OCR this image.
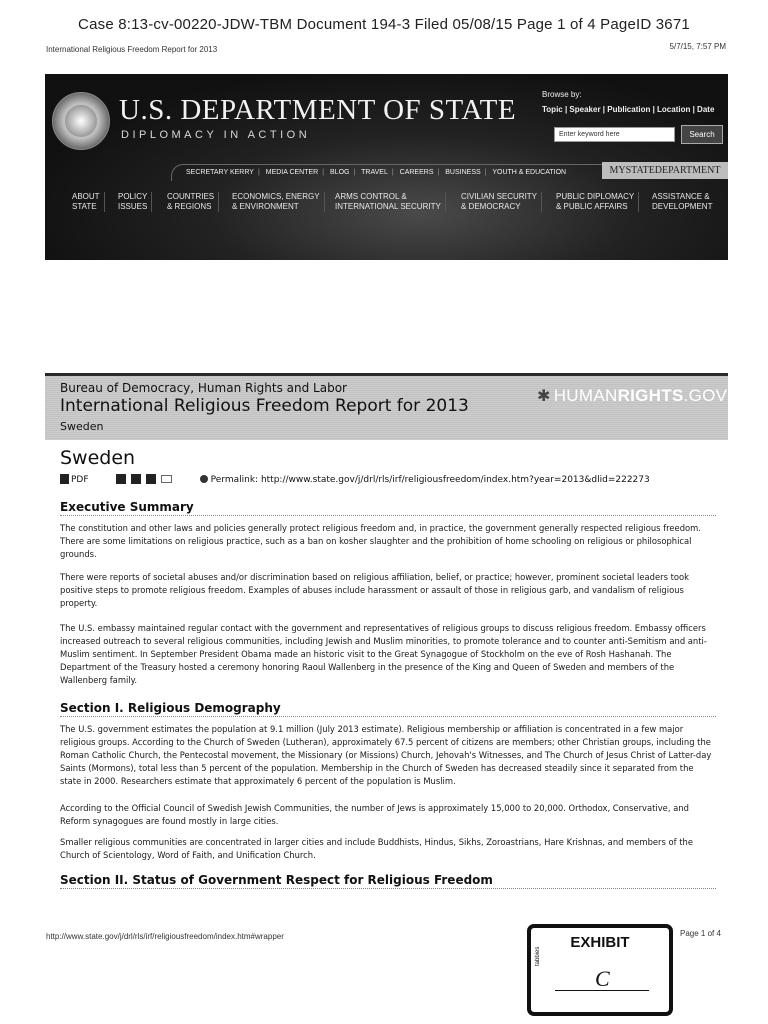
Case 8:13-cv-00220-JDW-TBM Document 194-3 Filed 05/08/15 Page 1 of 4 PageID 3671
International Religious Freedom Report for 2013	5/7/15, 7:57 PM
U.S. DEPARTMENT OF STATE
DIPLOMACY IN ACTION
Browse by:
Topic | Speaker | Publication | Location | Date
Enter keyword here	Search
SECRETARY KERRY | MEDIA CENTER | BLOG | TRAVEL | CAREERS | BUSINESS | YOUTH & EDUCATION	MYSTATEDEPARTMENT
ABOUT
STATE
POLICY
ISSUES
COUNTRIES
& REGIONS
ECONOMICS, ENERGY
& ENVIRONMENT
ARMS CONTROL &
INTERNATIONAL SECURITY
CIVILIAN SECURITY
& DEMOCRACY
PUBLIC DIPLOMACY
& PUBLIC AFFAIRS
ASSISTANCE &
DEVELOPMENT
Bureau of Democracy, Human Rights and Labor
International Religious Freedom Report for 2013
Sweden
✱ HUMANRIGHTS.GOV
Sweden
PDF	Permalink: http://www.state.gov/j/drl/rls/irf/religiousfreedom/index.htm?year=2013&dlid=222273
Executive Summary
The constitution and other laws and policies generally protect religious freedom and, in practice, the government generally respected religious freedom. There are some limitations on religious practice, such as a ban on kosher slaughter and the prohibition of home schooling on religious or philosophical grounds.
There were reports of societal abuses and/or discrimination based on religious affiliation, belief, or practice; however, prominent societal leaders took positive steps to promote religious freedom. Examples of abuses include harassment or assault of those in religious garb, and vandalism of religious property.
The U.S. embassy maintained regular contact with the government and representatives of religious groups to discuss religious freedom. Embassy officers increased outreach to several religious communities, including Jewish and Muslim minorities, to promote tolerance and to counter anti-Semitism and anti-Muslim sentiment. In September President Obama made an historic visit to the Great Synagogue of Stockholm on the eve of Rosh Hashanah. The Department of the Treasury hosted a ceremony honoring Raoul Wallenberg in the presence of the King and Queen of Sweden and members of the Wallenberg family.
Section I. Religious Demography
The U.S. government estimates the population at 9.1 million (July 2013 estimate). Religious membership or affiliation is concentrated in a few major religious groups. According to the Church of Sweden (Lutheran), approximately 67.5 percent of citizens are members; other Christian groups, including the Roman Catholic Church, the Pentecostal movement, the Missionary (or Missions) Church, Jehovah's Witnesses, and The Church of Jesus Christ of Latter-day Saints (Mormons), total less than 5 percent of the population. Membership in the Church of Sweden has decreased steadily since it separated from the state in 2000. Researchers estimate that approximately 6 percent of the population is Muslim.
According to the Official Council of Swedish Jewish Communities, the number of Jews is approximately 15,000 to 20,000. Orthodox, Conservative, and Reform synagogues are found mostly in large cities.
Smaller religious communities are concentrated in larger cities and include Buddhists, Hindus, Sikhs, Zoroastrians, Hare Krishnas, and members of the Church of Scientology, Word of Faith, and Unification Church.
Section II. Status of Government Respect for Religious Freedom
http://www.state.gov/j/drl/rls/irf/religiousfreedom/index.htm#wrapper	Page 1 of 4
EXHIBIT
tabbies
C
